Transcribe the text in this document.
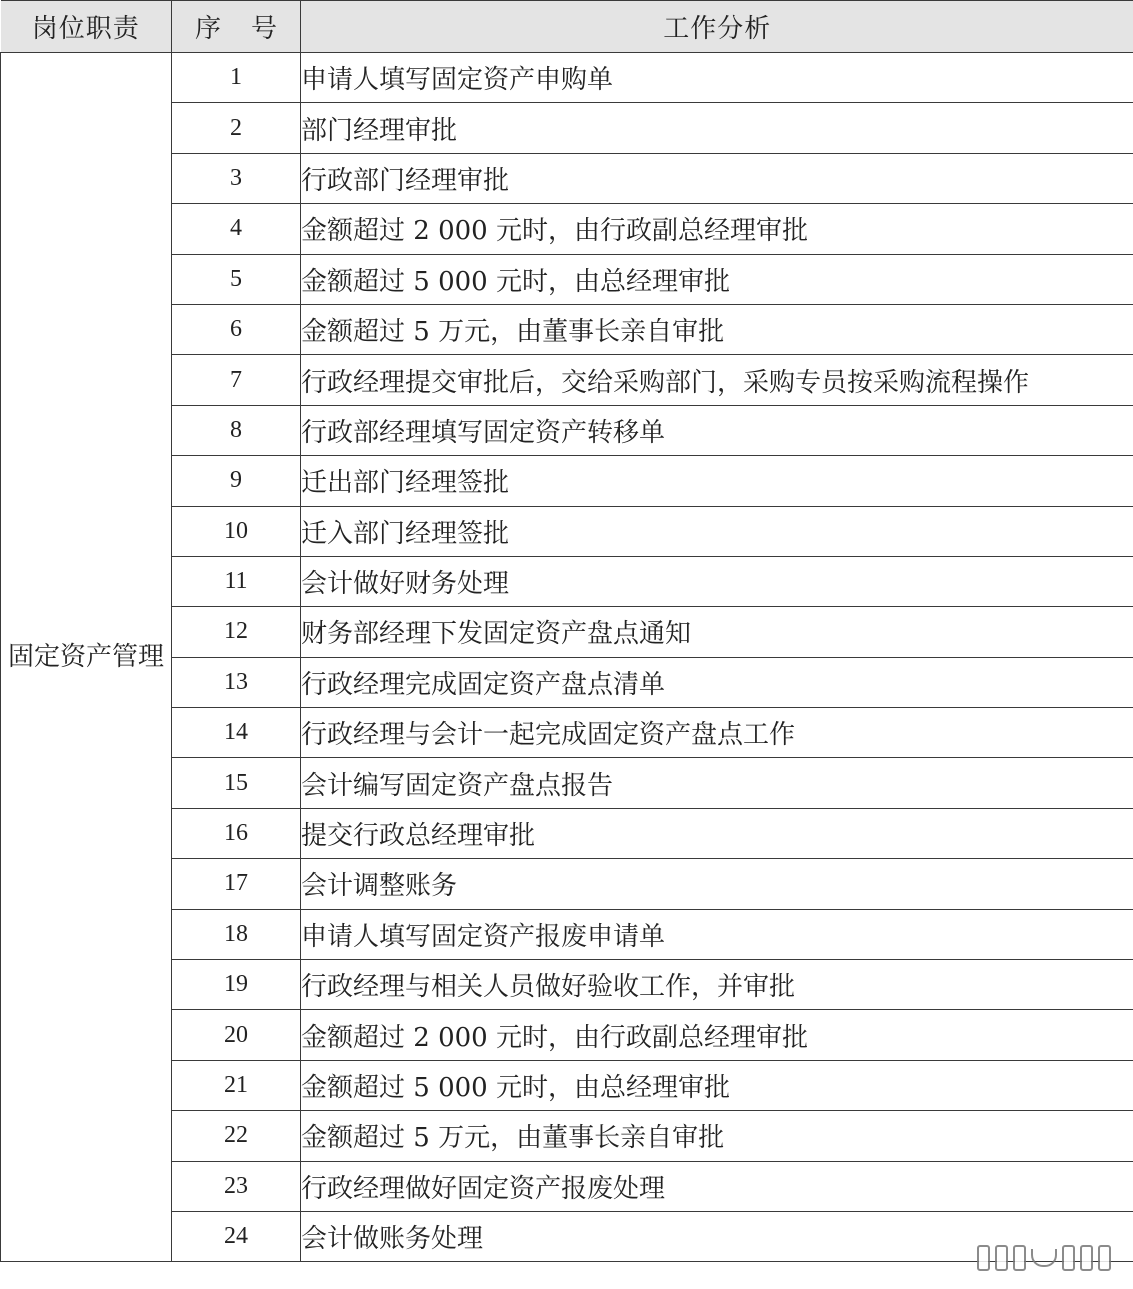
岗位职责	序号	工作分析
固定资产管理	1	申请人填写固定资产申购单
	2	部门经理审批
	3	行政部门经理审批
	4	金额超过 2 000 元时，由行政副总经理审批
	5	金额超过 5 000 元时，由总经理审批
	6	金额超过 5 万元，由董事长亲自审批
	7	行政经理提交审批后，交给采购部门，采购专员按采购流程操作
	8	行政部经理填写固定资产转移单
	9	迁出部门经理签批
	10	迁入部门经理签批
	11	会计做好财务处理
	12	财务部经理下发固定资产盘点通知
	13	行政经理完成固定资产盘点清单
	14	行政经理与会计一起完成固定资产盘点工作
	15	会计编写固定资产盘点报告
	16	提交行政总经理审批
	17	会计调整账务
	18	申请人填写固定资产报废申请单
	19	行政经理与相关人员做好验收工作，并审批
	20	金额超过 2 000 元时，由行政副总经理审批
	21	金额超过 5 000 元时，由总经理审批
	22	金额超过 5 万元，由董事长亲自审批
	23	行政经理做好固定资产报废处理
	24	会计做账务处理
